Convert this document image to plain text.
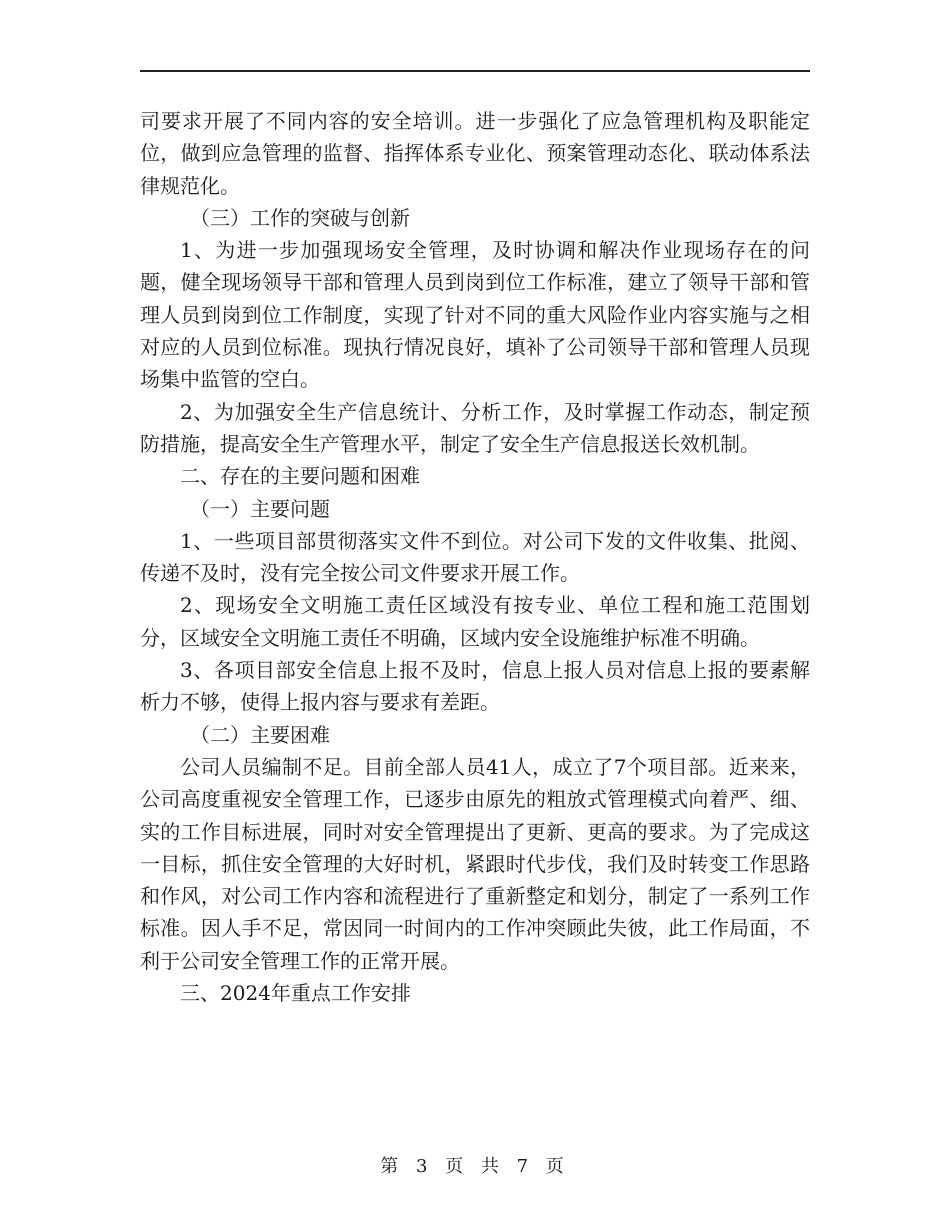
司要求开展了不同内容的安全培训。进一步强化了应急管理机构及职能定位，做到应急管理的监督、指挥体系专业化、预案管理动态化、联动体系法律规范化。

（三）工作的突破与创新

1、为进一步加强现场安全管理，及时协调和解决作业现场存在的问题，健全现场领导干部和管理人员到岗到位工作标准，建立了领导干部和管理人员到岗到位工作制度，实现了针对不同的重大风险作业内容实施与之相对应的人员到位标准。现执行情况良好，填补了公司领导干部和管理人员现场集中监管的空白。

2、为加强安全生产信息统计、分析工作，及时掌握工作动态，制定预防措施，提高安全生产管理水平，制定了安全生产信息报送长效机制。

二、存在的主要问题和困难

（一）主要问题

1、一些项目部贯彻落实文件不到位。对公司下发的文件收集、批阅、传递不及时，没有完全按公司文件要求开展工作。

2、现场安全文明施工责任区域没有按专业、单位工程和施工范围划分，区域安全文明施工责任不明确，区域内安全设施维护标准不明确。

3、各项目部安全信息上报不及时，信息上报人员对信息上报的要素解析力不够，使得上报内容与要求有差距。

（二）主要困难

公司人员编制不足。目前全部人员41人，成立了7个项目部。近来来，公司高度重视安全管理工作，已逐步由原先的粗放式管理模式向着严、细、实的工作目标进展，同时对安全管理提出了更新、更高的要求。为了完成这一目标，抓住安全管理的大好时机，紧跟时代步伐，我们及时转变工作思路和作风，对公司工作内容和流程进行了重新整定和划分，制定了一系列工作标准。因人手不足，常因同一时间内的工作冲突顾此失彼，此工作局面，不利于公司安全管理工作的正常开展。

三、2024年重点工作安排

第 3 页 共 7 页
